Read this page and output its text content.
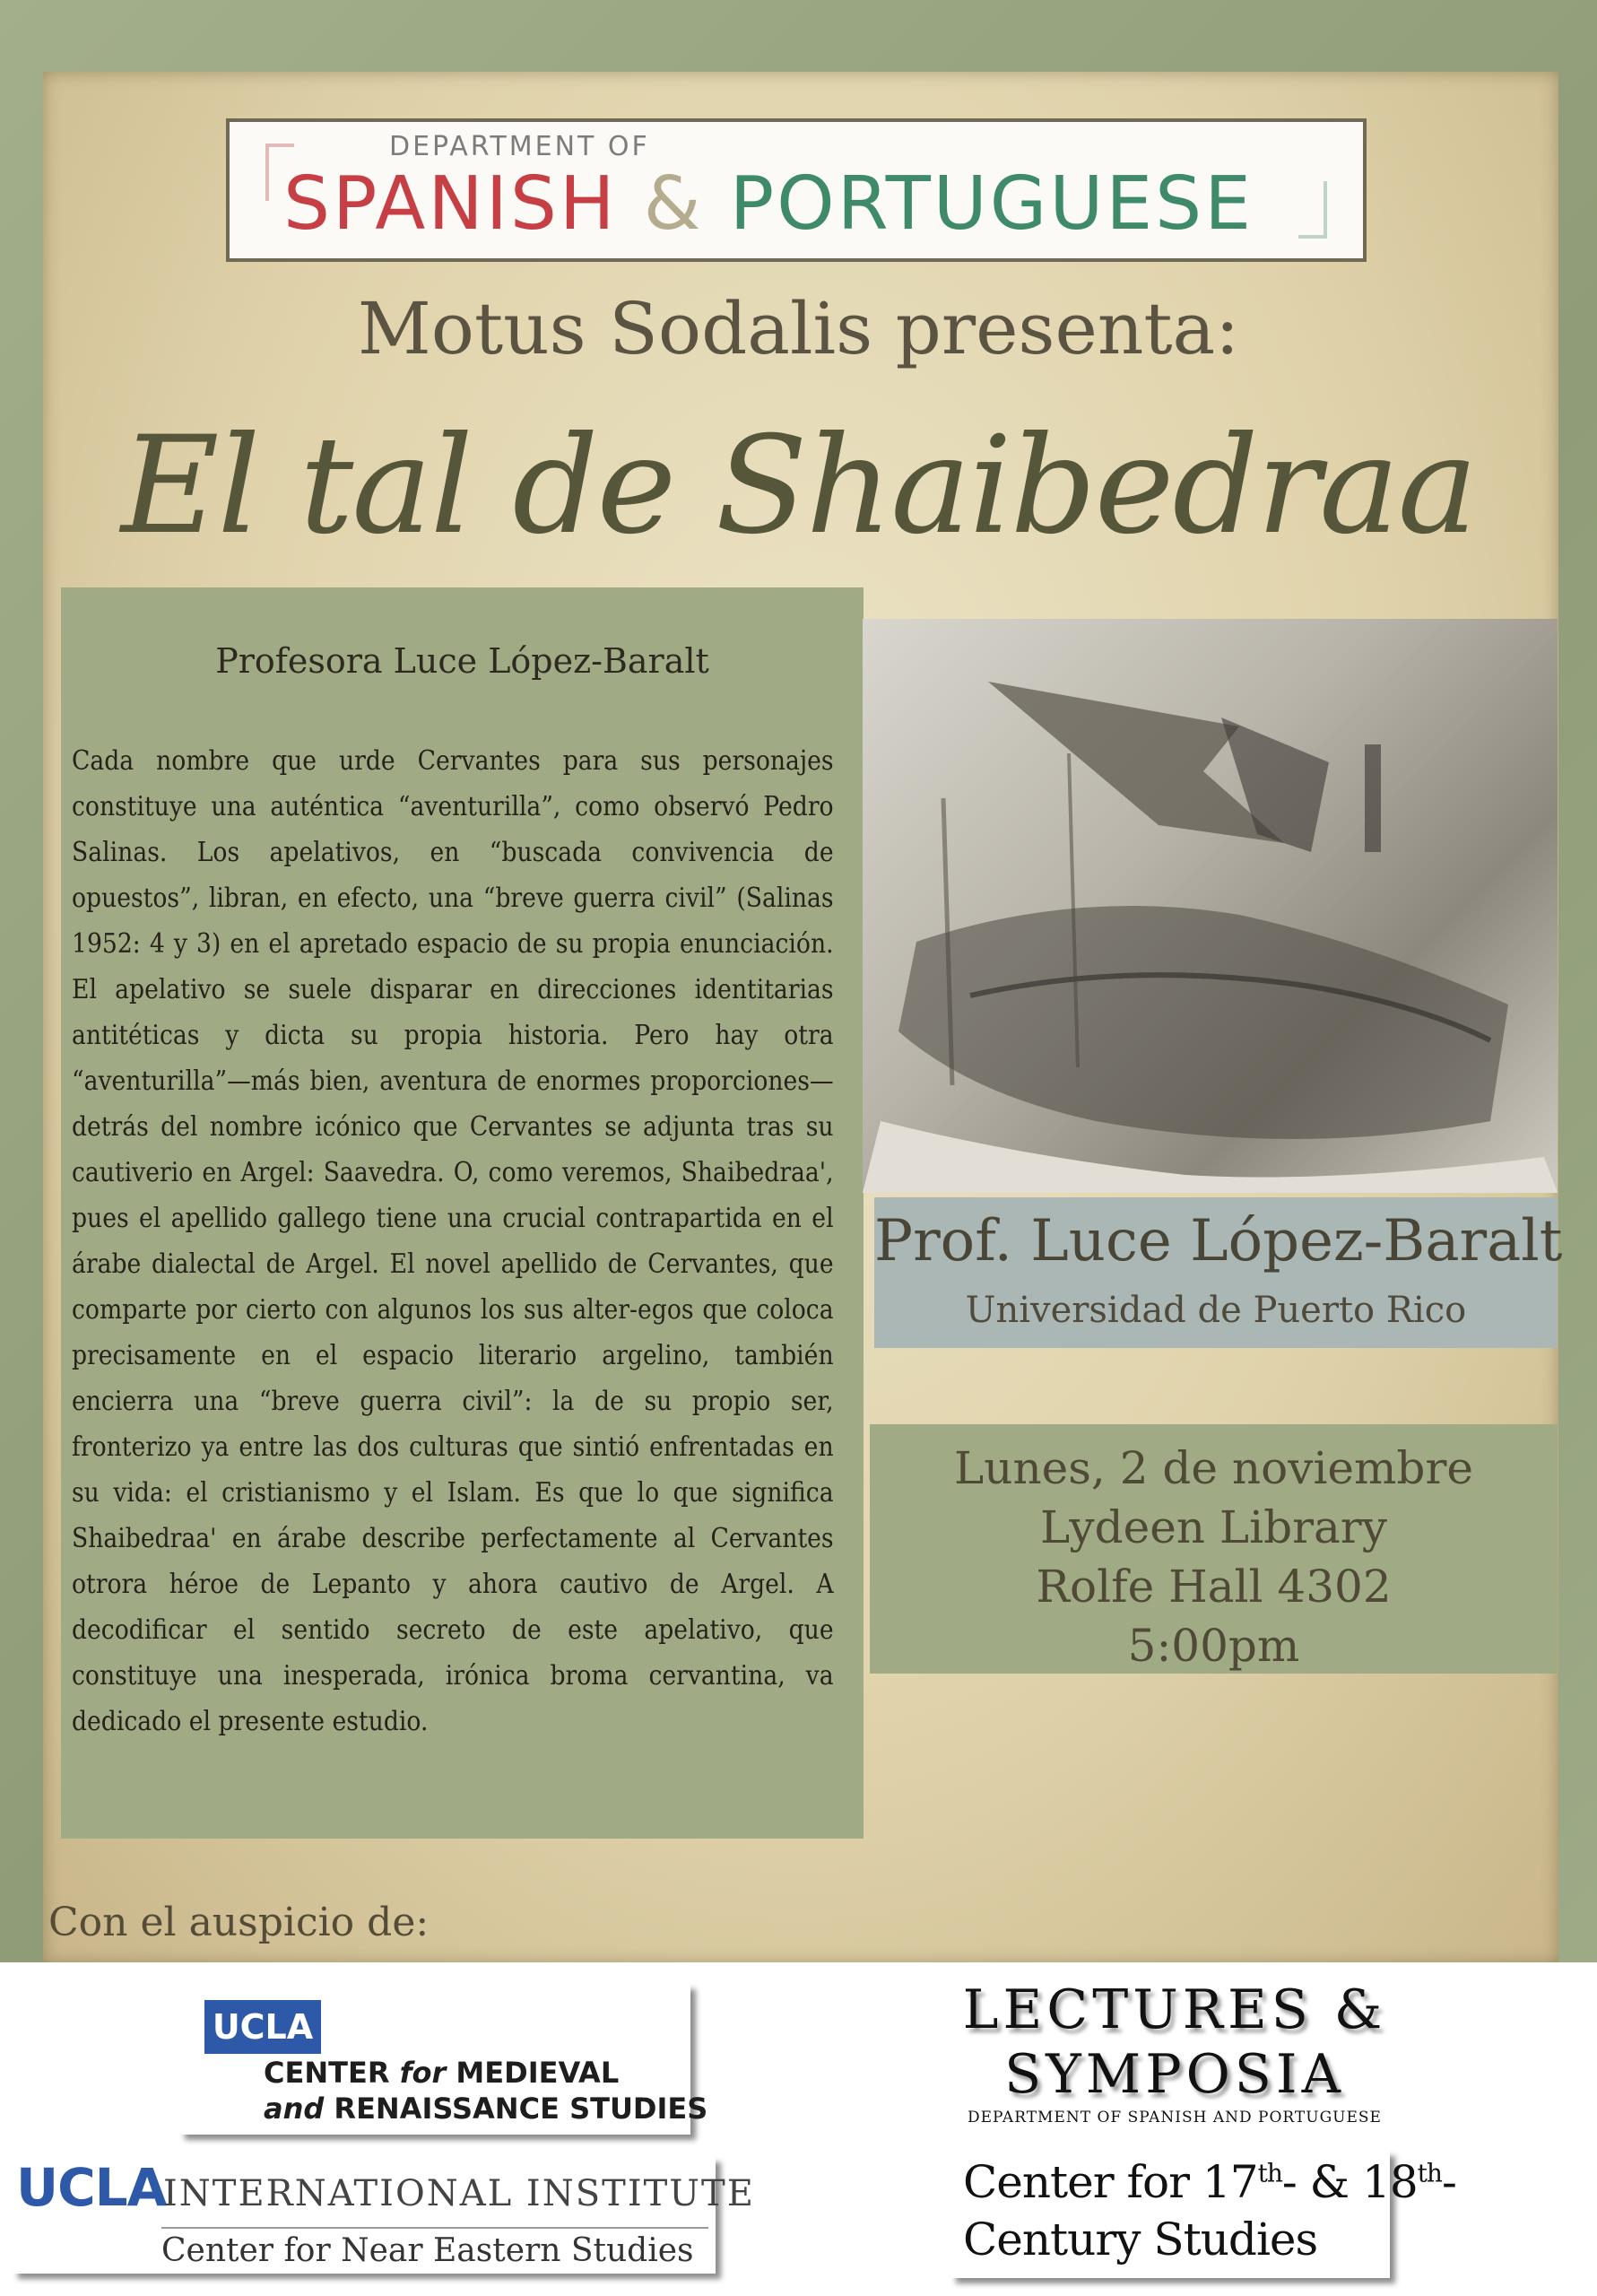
DEPARTMENT OF
SPANISH & PORTUGUESE
Motus Sodalis presenta:
El tal de Shaibedraa
Profesora Luce López-Baralt
Cada nombre que urde Cervantes para sus personajes constituye una auténtica “aventurilla”, como observó Pedro Salinas. Los apelativos, en “buscada convivencia de opuestos”, libran, en efecto, una “breve guerra civil” (Salinas 1952: 4 y 3) en el apretado espacio de su propia enunciación. El apelativo se suele disparar en direcciones identitarias antitéticas y dicta su propia historia. Pero hay otra “aventurilla”—más bien, aventura de enormes proporciones—detrás del nombre icónico que Cervantes se adjunta tras su cautiverio en Argel: Saavedra. O, como veremos, Shaibedraa', pues el apellido gallego tiene una crucial contrapartida en el árabe dialectal de Argel. El novel apellido de Cervantes, que comparte por cierto con algunos los sus alter-egos que coloca precisamente en el espacio literario argelino, también encierra una “breve guerra civil”: la de su propio ser, fronterizo ya entre las dos culturas que sintió enfrentadas en su vida: el cristianismo y el Islam. Es que lo que significa Shaibedraa' en árabe describe perfectamente al Cervantes otrora héroe de Lepanto y ahora cautivo de Argel. A decodificar el sentido secreto de este apelativo, que constituye una inesperada, irónica broma cervantina, va dedicado el presente estudio.
Prof. Luce López-Baralt
Universidad de Puerto Rico
Lunes, 2 de noviembre
Lydeen Library
Rolfe Hall 4302
5:00pm
Con el auspicio de:
UCLA
CENTER for MEDIEVAL
and RENAISSANCE STUDIES
UCLA
INTERNATIONAL INSTITUTE
Center for Near Eastern Studies
LECTURES &
SYMPOSIA
DEPARTMENT OF SPANISH AND PORTUGUESE
Center for 17th- & 18th-
Century Studies
